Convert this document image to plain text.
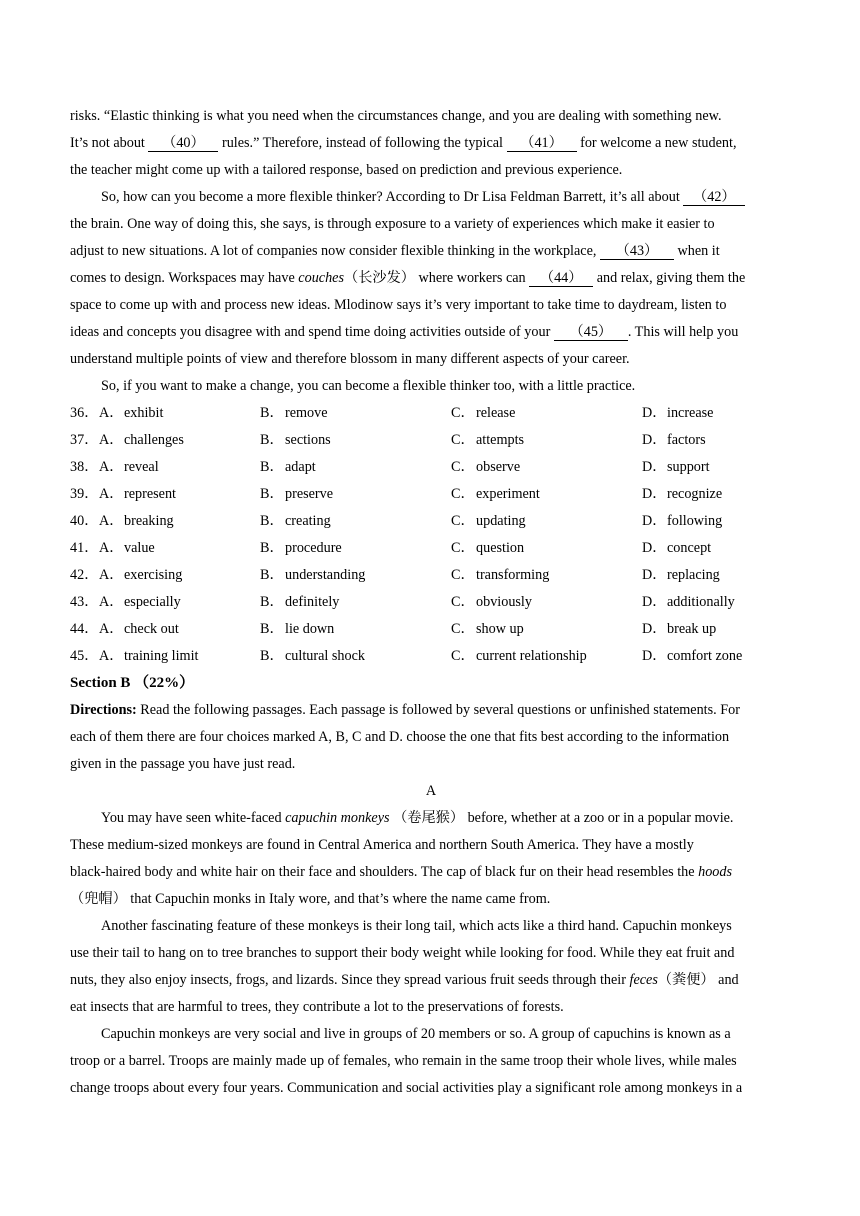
risks. “Elastic thinking is what you need when the circumstances change, and you are dealing with something new.
It’s not about （40） rules.” Therefore, instead of following the typical （41） for welcome a new student,
the teacher might come up with a tailored response, based on prediction and previous experience.
So, how can you become a more flexible thinker? According to Dr Lisa Feldman Barrett, it’s all about （42）
the brain. One way of doing this, she says, is through exposure to a variety of experiences which make it easier to
adjust to new situations. A lot of companies now consider flexible thinking in the workplace, （43） when it
comes to design. Workspaces may have couches（长沙发） where workers can （44） and relax, giving them the
space to come up with and process new ideas. Mlodinow says it’s very important to take time to daydream, listen to
ideas and concepts you disagree with and spend time doing activities outside of your （45） . This will help you
understand multiple points of view and therefore blossom in many different aspects of your career.
So, if you want to make a change, you can become a flexible thinker too, with a little practice.
36． A．exhibit	B．remove	C．release	D．increase
37． A．challenges	B．sections	C．attempts	D．factors
38． A．reveal	B．adapt	C．observe	D．support
39． A．represent	B．preserve	C．experiment	D．recognize
40． A．breaking	B．creating	C．updating	D．following
41． A．value	B．procedure	C．question	D．concept
42． A．exercising	B．understanding	C．transforming	D．replacing
43． A．especially	B．definitely	C．obviously	D．additionally
44． A．check out	B．lie down	C．show up	D．break up
45． A．training limit	B．cultural shock	C．current relationship	D．comfort zone
Section B （22%）
Directions: Read the following passages. Each passage is followed by several questions or unfinished statements. For
each of them there are four choices marked A, B, C and D. choose the one that fits best according to the information
given in the passage you have just read.
A
You may have seen white-faced capuchin monkeys （卷尾猴） before, whether at a zoo or in a popular movie.
These medium-sized monkeys are found in Central America and northern South America. They have a mostly
black-haired body and white hair on their face and shoulders. The cap of black fur on their head resembles the hoods
（兜帽） that Capuchin monks in Italy wore, and that’s where the name came from.
Another fascinating feature of these monkeys is their long tail, which acts like a third hand. Capuchin monkeys
use their tail to hang on to tree branches to support their body weight while looking for food. While they eat fruit and
nuts, they also enjoy insects, frogs, and lizards. Since they spread various fruit seeds through their feces（粪便） and
eat insects that are harmful to trees, they contribute a lot to the preservations of forests.
Capuchin monkeys are very social and live in groups of 20 members or so. A group of capuchins is known as a
troop or a barrel. Troops are mainly made up of females, who remain in the same troop their whole lives, while males
change troops about every four years. Communication and social activities play a significant role among monkeys in a
